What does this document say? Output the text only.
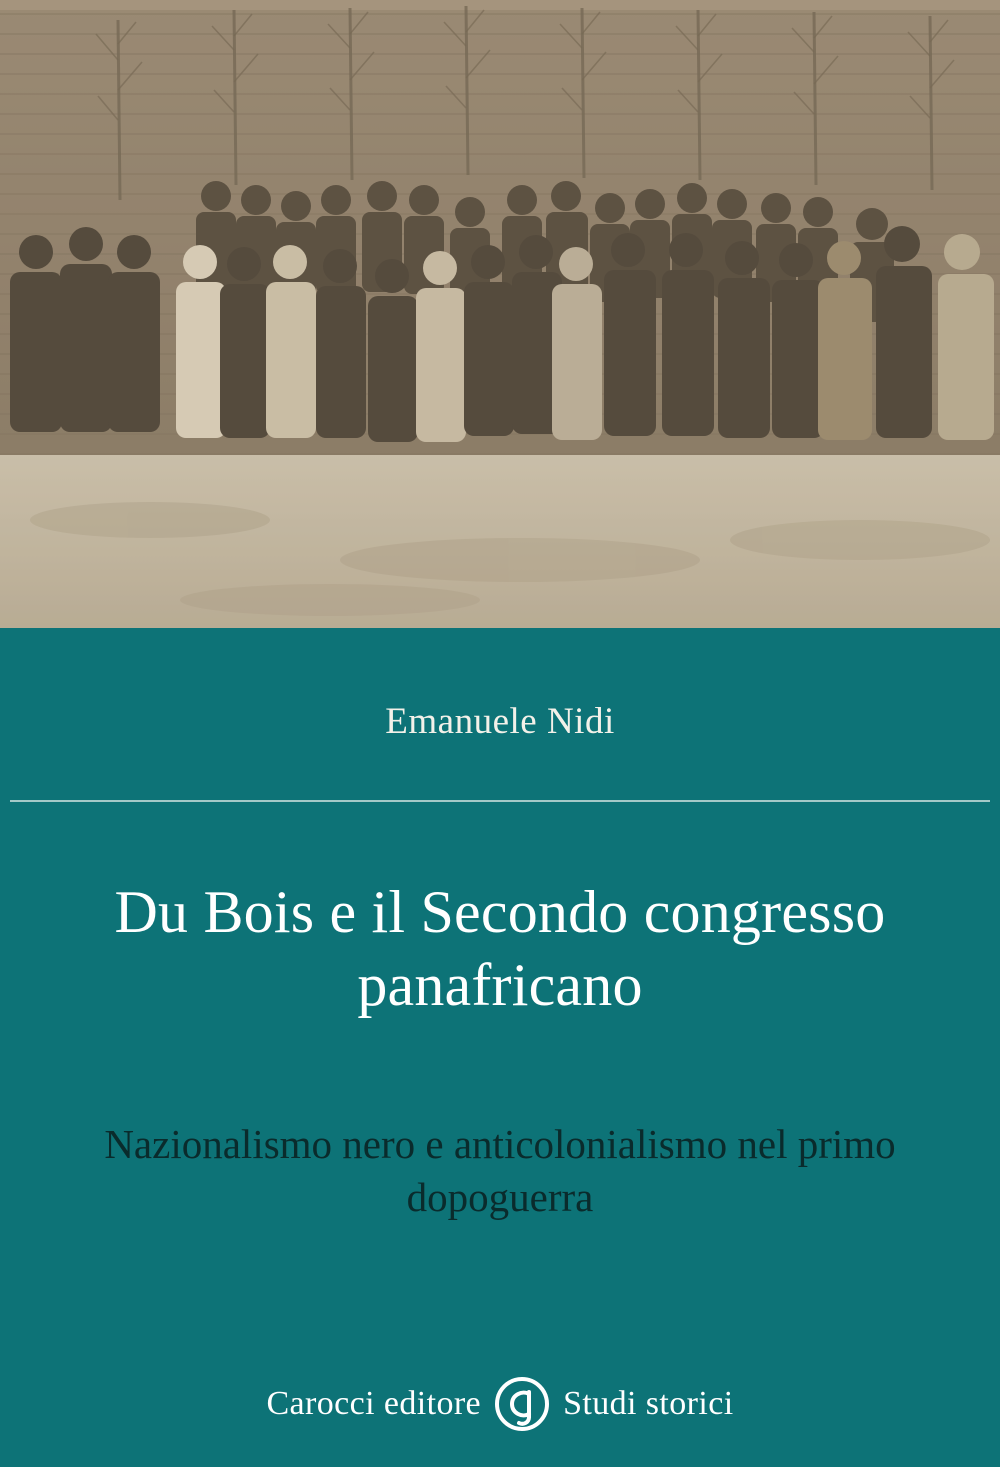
Emanuele Nidi
Du Bois e il Secondo congresso panafricano
Nazionalismo nero e anticolonialismo nel primo dopoguerra
Carocci editore Studi storici
